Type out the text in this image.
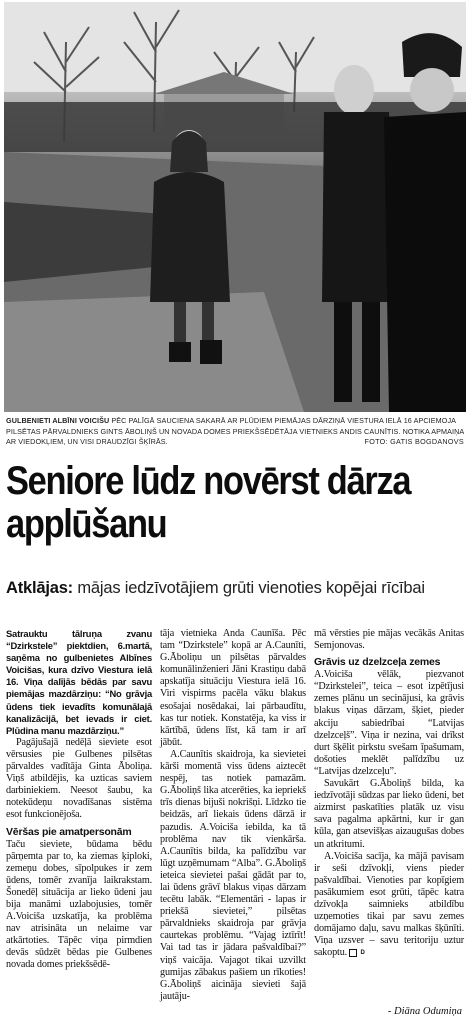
GULBENIETI ALBĪNI VOICIŠU PĒC PALĪGĀ SAUCIENA SAKARĀ AR PLŪDIEM PIEMĀJAS DĀRZIŅĀ VIESTURA IELĀ 16 APCIEMOJA PILSĒTAS PĀRVALDNIEKS GINTS ĀBOLIŅŠ UN NOVADA DOMES PRIEKŠSĒDĒTĀJA VIETNIEKS ANDIS CAUNĪTIS. NOTIKA APMAIŅA AR VIEDOKĻIEM, UN VISI DRAUDZĪGI ŠĶĪRĀS.	FOTO: GATIS BOGDANOVS
Seniore lūdz novērst dārza applūšanu
Atklājas: mājas iedzīvotājiem grūti vienoties kopējai rīcībai

Satrauktu tālruņa zvanu “Dzirkstele” piektdien, 6.martā, saņēma no gulbenietes Albīnes Voicišas, kura dzīvo Viestura ielā 16. Viņa dalījās bēdās par savu piemājas mazdārziņu: “No grāvja ūdens tiek ievadīts komunālajā kanalizācijā, bet ievads ir ciet. Plūdina manu mazdārziņu.”

Pagājušajā nedēļā sieviete esot vērsusies pie Gulbenes pilsētas pārvaldes vadītāja Ginta Āboliņa. Viņš atbildējis, ka uzticas saviem darbiniekiem. Neesot šaubu, ka notekūdeņu novadīšanas sistēma esot funkcionējoša.

Vēršas pie amatpersonām

Taču sieviete, būdama bēdu pārņemta par to, ka ziemas ķiploki, zemeņu dobes, sīpolpukes ir zem ūdens, tomēr zvanīja laikrakstam. Šonedēļ situācija ar lieko ūdeni jau bija manāmi uzlabojusies, tomēr A.Voiciša uzskatīja, ka problēma nav atrisināta un nelaime var atkārtoties. Tāpēc viņa pirmdien devās sūdzēt bēdas pie Gulbenes novada domes priekšsēdē-

tāja vietnieka Anda Caunīša. Pēc tam “Dzirkstele” kopā ar A.Caunīti, G.Āboliņu un pilsētas pārvaldes komunālinženieri Jāni Krastiņu dabā apskatīja situāciju Viestura ielā 16. Viri vispirms pacēla vāku blakus esošajai nosēdakai, lai pārbaudītu, kas tur notiek. Konstatēja, ka viss ir kārtībā, ūdens līst, kā tam ir arī jābūt.

A.Caunītis skaidroja, ka sievietei kārši momentā viss ūdens aiztecēt nespēj, tas notiek pamazām. G.Āboliņš lika atcerēties, ka iepriekš trīs dienas bijuši nokrišņi. Līdzko tie beidzās, arī liekais ūdens dārzā ir pazudis. A.Voiciša iebilda, ka tā problēma nav tik vienkārša. A.Caunītis bilda, ka palīdzību var lūgt uzņēmumam “Alba”. G.Āboliņš ieteica sievietei pašai gādāt par to, lai ūdens grāvī blakus viņas dārzam tecētu labāk. “Elementāri - lapas ir priekšā sievietei,” pilsētas pārvaldnieks skaidroja par grāvja caurtekas problēmu. “Vajag iztīrīt! Vai tad tas ir jādara pašvaldībai?” viņš vaicāja. Vajagot tikai uzvilkt gumijas zābakus pašiem un rīkoties! G.Āboliņš aicināja sievieti šajā jautāju-

mā vērsties pie mājas vecākās Anitas Semjonovas.

Grāvis uz dzelzceļa zemes

A.Voiciša vēlāk, piezvanot “Dzirkstelei”, teica – esot izpētījusi zemes plānu un secinājusi, ka grāvis blakus viņas dārzam, šķiet, pieder akciju sabiedrībai “Latvijas dzelzceļš”. Viņa ir nezina, vai drīkst durt šķēlit pirkstu svešam īpašumam, došoties meklēt palīdzību uz “Latvijas dzelzceļu”.

Savukārt G.Āboliņš bilda, ka iedzīvotāji sūdzas par lieko ūdeni, bet aizmirst paskatīties platāk uz visu sava pagalma apkārtni, kur ir gan kūla, gan atsevišķas aizaugušas dobes un atkritumi.

A.Voiciša sacīja, ka mājā pavisam ir seši dzīvokļi, viens pieder pašvaldībai. Vienoties par kopīgiem pasākumiem esot grūti, tāpēc katra dzīvokļa saimnieks atbildību uzņemoties tikai par savu zemes domājamo daļu, savu malkas šķūnīti. Viņa uzsver – savu teritoriju uztur sakoptu. D

- Diāna Odumiņa
